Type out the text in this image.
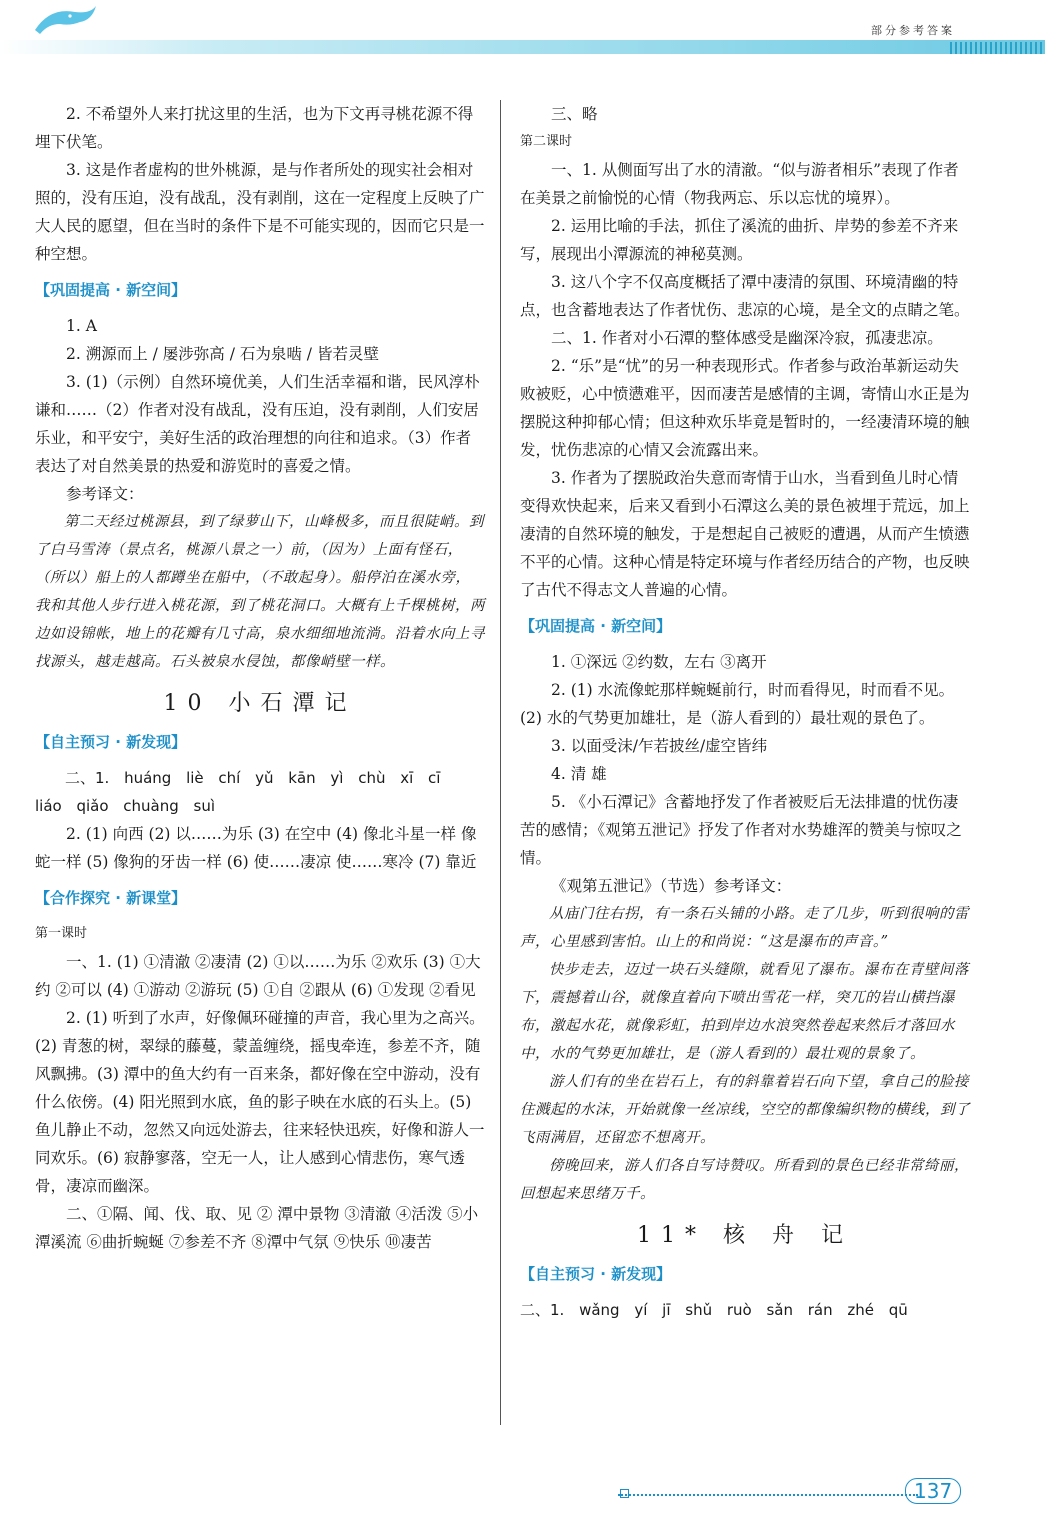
部分参考答案

2. 不希望外人来打扰这里的生活，也为下文再寻桃花源不得埋下伏笔。

3. 这是作者虚构的世外桃源，是与作者所处的现实社会相对照的，没有压迫，没有战乱，没有剥削，这在一定程度上反映了广大人民的愿望，但在当时的条件下是不可能实现的，因而它只是一种空想。

【巩固提高 · 新空间】

1. A

2. 溯源而上 / 屡涉弥高 / 石为泉啮 / 皆若灵壁

3. (1)（示例）自然环境优美，人们生活幸福和谐，民风淳朴谦和……（2）作者对没有战乱，没有压迫，没有剥削，人们安居乐业，和平安宁，美好生活的政治理想的向往和追求。（3）作者表达了对自然美景的热爱和游览时的喜爱之情。

参考译文：

第二天经过桃源县，到了绿萝山下，山峰极多，而且很陡峭。到了白马雪涛（景点名，桃源八景之一）前，（因为）上面有怪石，（所以）船上的人都蹲坐在船中，（不敢起身）。船停泊在溪水旁，我和其他人步行进入桃花源，到了桃花洞口。大概有上千棵桃树，两边如设锦帐，地上的花瓣有几寸高，泉水细细地流淌。沿着水向上寻找源头，越走越高。石头被泉水侵蚀，都像峭壁一样。

10 小石潭记
【自主预习 · 新发现】

二、1. huáng liè chí yǔ kān yì chù xī cī

liáo qiǎo chuàng suì

2. (1) 向西 (2) 以……为乐 (3) 在空中 (4) 像北斗星一样 像蛇一样 (5) 像狗的牙齿一样 (6) 使……凄凉 使……寒冷 (7) 靠近

【合作探究 · 新课堂】

第一课时

一、1. (1) ①清澈 ②凄清 (2) ①以……为乐 ②欢乐 (3) ①大约 ②可以 (4) ①游动 ②游玩 (5) ①自 ②跟从 (6) ①发现 ②看见

2. (1) 听到了水声，好像佩环碰撞的声音，我心里为之高兴。(2) 青葱的树，翠绿的藤蔓，蒙盖缠绕，摇曳牵连，参差不齐，随风飘拂。(3) 潭中的鱼大约有一百来条，都好像在空中游动，没有什么依傍。(4) 阳光照到水底，鱼的影子映在水底的石头上。(5) 鱼儿静止不动，忽然又向远处游去，往来轻快迅疾，好像和游人一同欢乐。(6) 寂静寥落，空无一人，让人感到心情悲伤，寒气透骨，凄凉而幽深。

二、①隔、闻、伐、取、见 ② 潭中景物 ③清澈 ④活泼 ⑤小潭溪流 ⑥曲折蜿蜒 ⑦参差不齐 ⑧潭中气氛 ⑨快乐 ⑩凄苦

三、略

第二课时

一、1. 从侧面写出了水的清澈。“似与游者相乐”表现了作者在美景之前愉悦的心情（物我两忘、乐以忘忧的境界）。

2. 运用比喻的手法，抓住了溪流的曲折、岸势的参差不齐来写，展现出小潭源流的神秘莫测。

3. 这八个字不仅高度概括了潭中凄清的氛围、环境清幽的特点，也含蓄地表达了作者忧伤、悲凉的心境，是全文的点睛之笔。

二、1. 作者对小石潭的整体感受是幽深冷寂，孤凄悲凉。

2. “乐”是“忧”的另一种表现形式。作者参与政治革新运动失败被贬，心中愤懑难平，因而凄苦是感情的主调，寄情山水正是为摆脱这种抑郁心情；但这种欢乐毕竟是暂时的，一经凄清环境的触发，忧伤悲凉的心情又会流露出来。

3. 作者为了摆脱政治失意而寄情于山水，当看到鱼儿时心情变得欢快起来，后来又看到小石潭这么美的景色被埋于荒远，加上凄清的自然环境的触发，于是想起自己被贬的遭遇，从而产生愤懑不平的心情。这种心情是特定环境与作者经历结合的产物，也反映了古代不得志文人普遍的心情。

【巩固提高 · 新空间】

1. ①深远 ②约数，左右 ③离开

2. (1) 水流像蛇那样蜿蜒前行，时而看得见，时而看不见。(2) 水的气势更加雄壮，是（游人看到的）最壮观的景色了。

3. 以面受沫/乍若披丝/虚空皆纬

4. 清 雄

5. 《小石潭记》含蓄地抒发了作者被贬后无法排遣的忧伤凄苦的感情；《观第五泄记》抒发了作者对水势雄浑的赞美与惊叹之情。

《观第五泄记》（节选）参考译文：

从庙门往右拐，有一条石头铺的小路。走了几步，听到很响的雷声，心里感到害怕。山上的和尚说：“这是瀑布的声音。”

快步走去，迈过一块石头缝隙，就看见了瀑布。瀑布在青壁间落下，震撼着山谷，就像直着向下喷出雪花一样，突兀的岩山横挡瀑布，激起水花，就像彩虹，拍到岸边水浪突然卷起来然后才落回水中，水的气势更加雄壮，是（游人看到的）最壮观的景象了。

游人们有的坐在岩石上，有的斜靠着岩石向下望，拿自己的脸接住溅起的水沫，开始就像一丝凉线，空空的都像编织物的横线，到了飞雨满眉，还留恋不想离开。

傍晚回来，游人们各自写诗赞叹。所看到的景色已经非常绮丽，回想起来思绪万千。

11* 核 舟 记
【自主预习 · 新发现】

二、1. wǎng yí jī shǔ ruò sǎn rán zhé qū

137
